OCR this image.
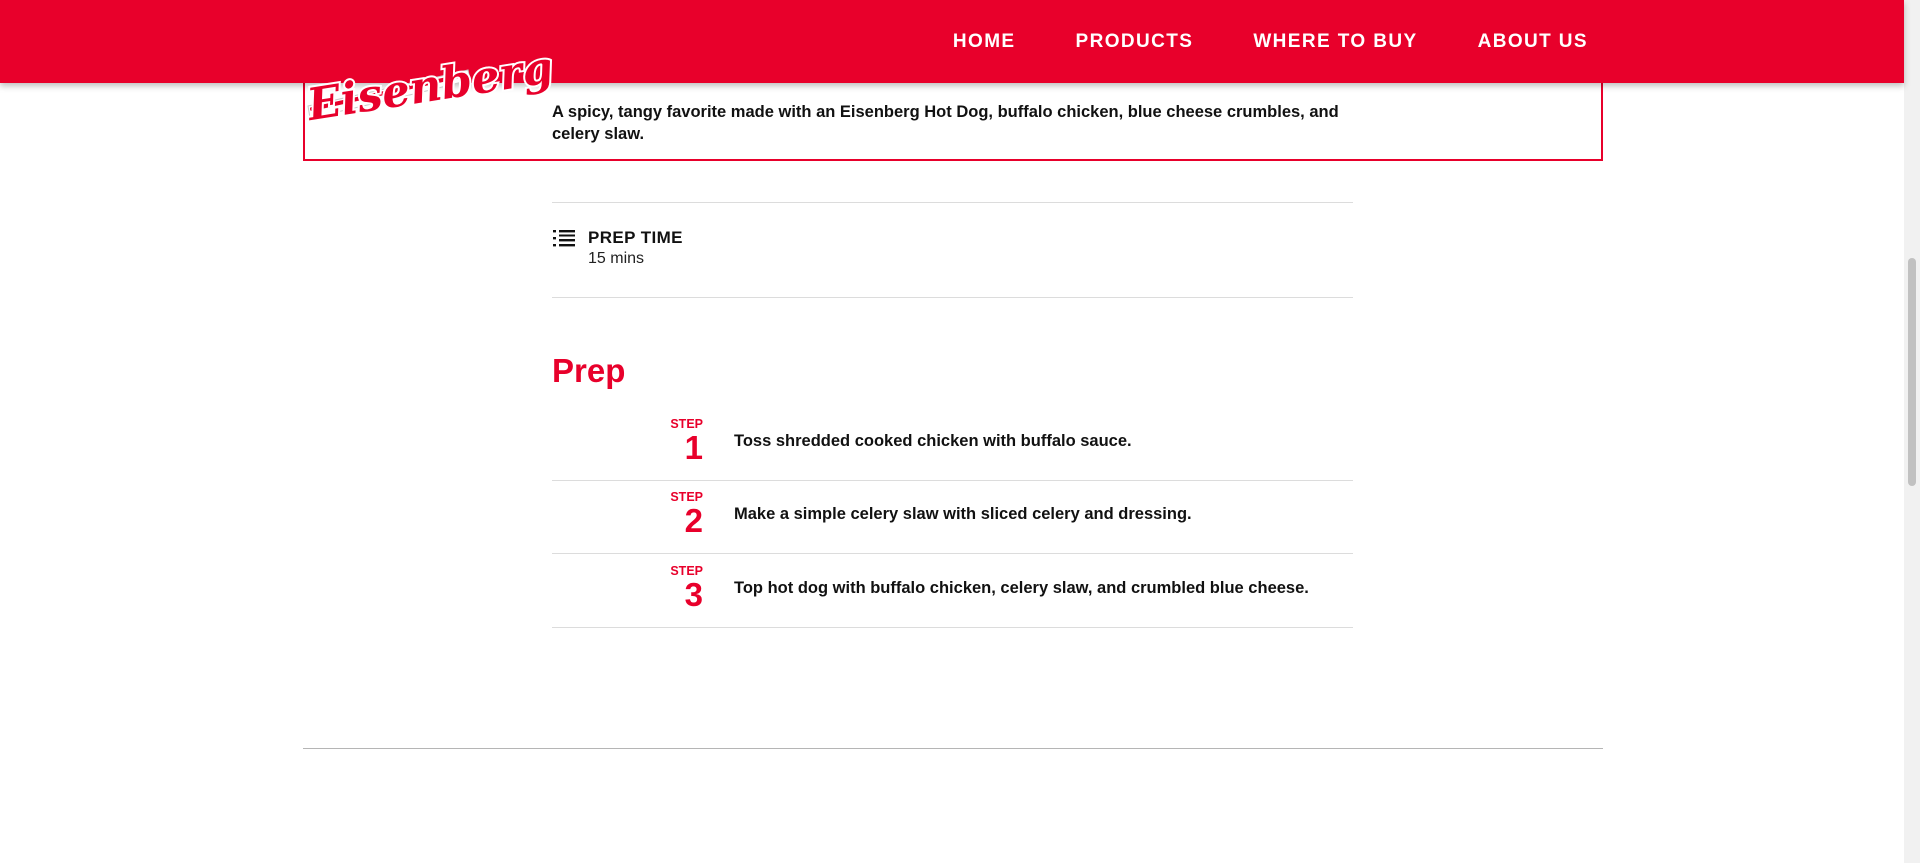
HOME	PRODUCTS	WHERE TO BUY	ABOUT US
Eisenberg

A spicy, tangy favorite made with an Eisenberg Hot Dog, buffalo chicken, blue cheese crumbles, and celery slaw.

PREP TIME
15 mins
Prep
STEP
1 Toss shredded cooked chicken with buffalo sauce.
STEP
2 Make a simple celery slaw with sliced celery and dressing.
STEP
3 Top hot dog with buffalo chicken, celery slaw, and crumbled blue cheese.
